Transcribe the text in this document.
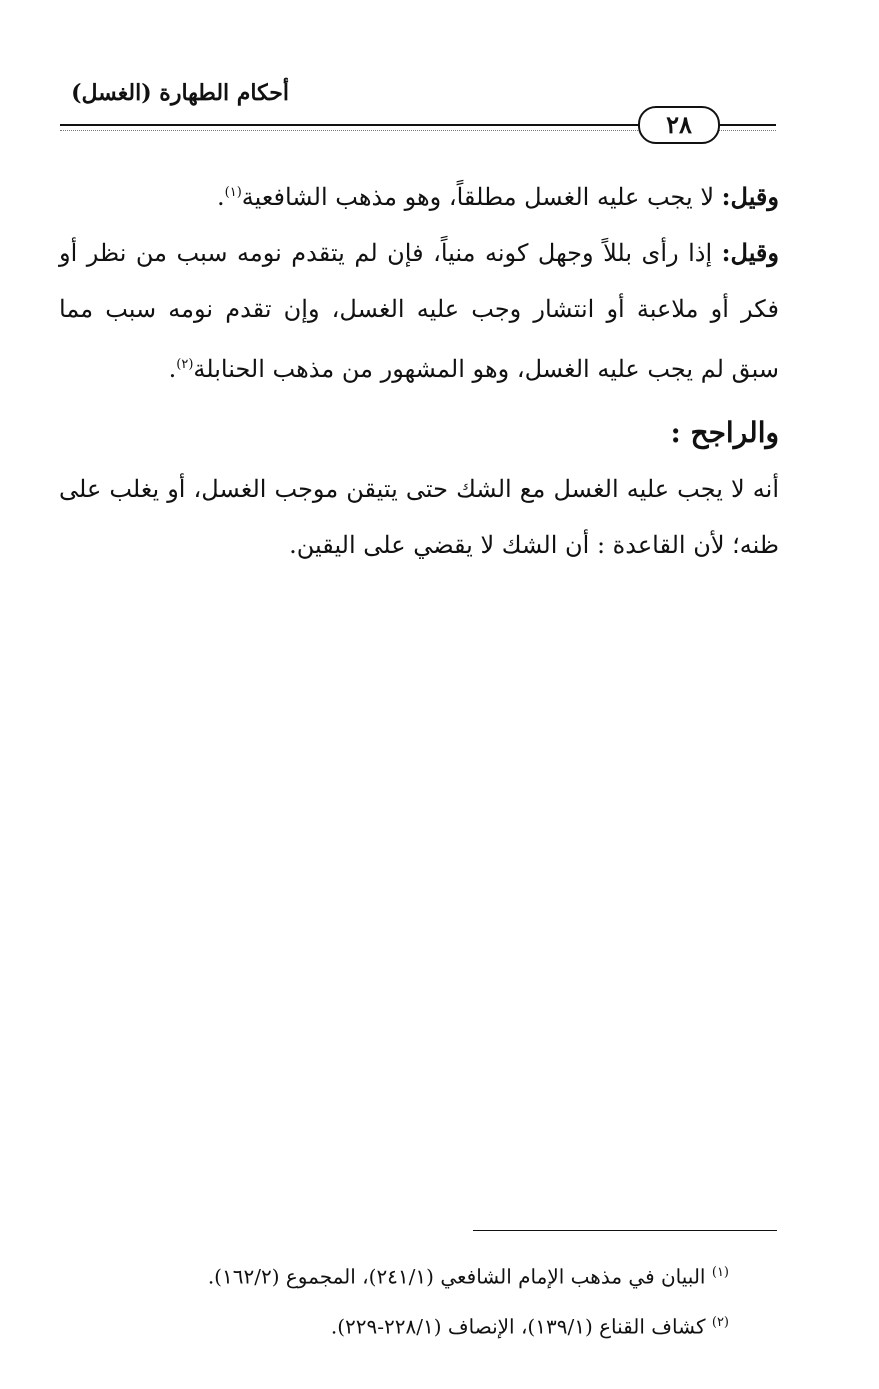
أحكام الطهارة (الغسل)
٢٨

وقيل: لا يجب عليه الغسل مطلقاً، وهو مذهب الشافعية$^{(١)}$.

وقيل: إذا رأى بللاً وجهل كونه منياً، فإن لم يتقدم نومه سبب من نظر أو فكر أو ملاعبة أو انتشار وجب عليه الغسل، وإن تقدم نومه سبب مما سبق لم يجب عليه الغسل، وهو المشهور من مذهب الحنابلة$^{(٢)}$.

والراجح :

أنه لا يجب عليه الغسل مع الشك حتى يتيقن موجب الغسل، أو يغلب على ظنه؛ لأن القاعدة : أن الشك لا يقضي على اليقين.

$^{(١)}$ البيان في مذهب الإمام الشافعي (٢٤١/١)، المجموع (١٦٢/٢).

$^{(٢)}$ كشاف القناع (١٣٩/١)، الإنصاف (٢٢٨/١-٢٢٩).
